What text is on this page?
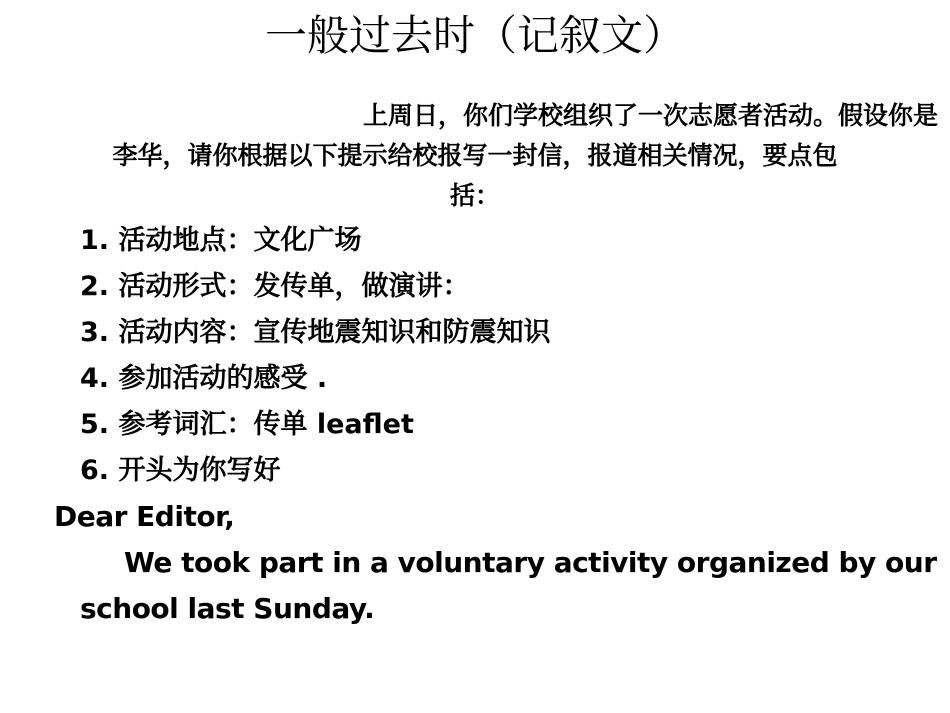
一般过去时（记叙文）

上周日，你们学校组织了一次志愿者活动。假设你是
李华，请你根据以下提示给校报写一封信，报道相关情况，要点包
括：

1. 活动地点：文化广场
2. 活动形式：发传单，做演讲：
3. 活动内容：宣传地震知识和防震知识
4. 参加活动的感受 .
5. 参考词汇：传单 leaflet
6. 开头为你写好

Dear Editor,

We took part in a voluntary activity organized by our
school last Sunday.
